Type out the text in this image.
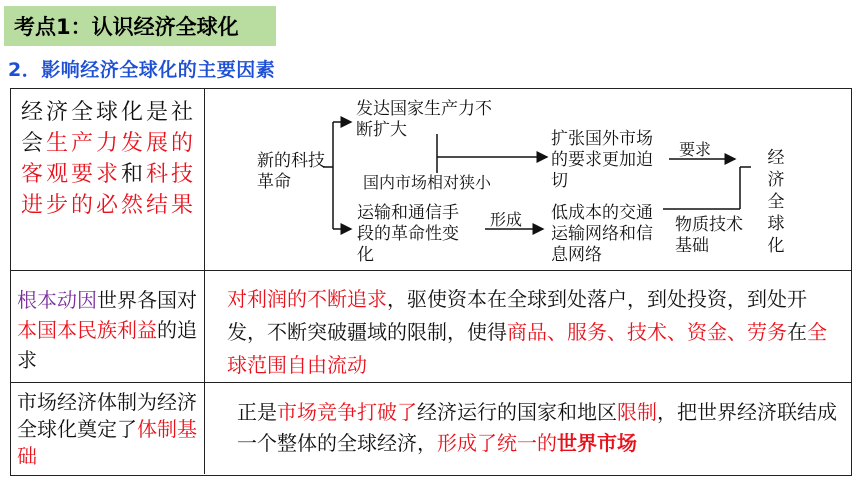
考点1：认识经济全球化
2．影响经济全球化的主要因素
经济全球化是社会生产力发展的客观要求和科技进步的必然结果
新的科技革命
发达国家生产力不断扩大
国内市场相对狭小
运输和通信手段的革命性变化
形成
扩张国外市场的要求更加迫切
低成本的交通运输网络和信息网络
要求
物质技术基础
经济全球化
根本动因世界各国对本国本民族利益的追求
对利润的不断追求，驱使资本在全球到处落户，到处投资，到处开发，不断突破疆域的限制，使得商品、服务、技术、资金、劳务在全球范围自由流动
市场经济体制为经济全球化奠定了体制基础
正是市场竞争打破了经济运行的国家和地区限制，把世界经济联结成一个整体的全球经济，形成了统一的世界市场
